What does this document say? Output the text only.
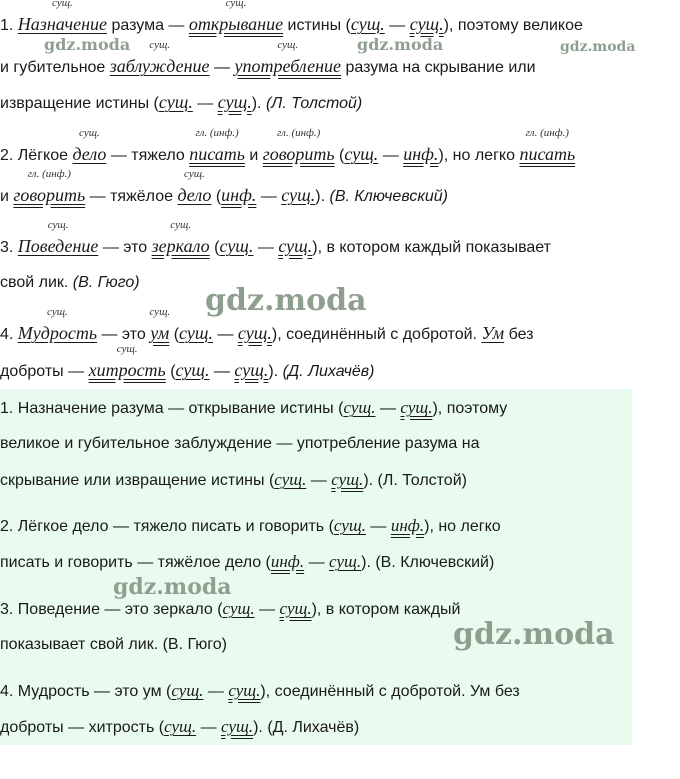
1.
сущ.
Назначение разума —
сущ.
открывание истины (сущ. — сущ.), поэтому великое
и губительное
сущ.
заблуждение —
сущ.
употребление разума на скрывание или
извращение истины (сущ. — сущ.). (Л. Толстой)
2. Лёгкое
сущ.
дело — тяжело
гл. (инф.)
писать и
гл. (инф.)
говорить (сущ. — инф.), но легко
гл. (инф.)
писать
и
гл. (инф.)
говорить — тяжёлое
сущ.
дело (инф. — сущ.). (В. Ключевский)
3.
сущ.
Поведение — это
сущ.
зеркало (сущ. — сущ.), в котором каждый показывает
свой лик. (В. Гюго)
4.
сущ.
Мудрость — это
сущ.
ум (сущ. — сущ.), соединённый с добротой. Ум без
доброты —
сущ.
хитрость (сущ. — сущ.). (Д. Лихачёв)
1. Назначение разума — открывание истины (сущ. — сущ.), поэтому
великое и губительное заблуждение — употребление разума на
скрывание или извращение истины (сущ. — сущ.). (Л. Толстой)
2. Лёгкое дело — тяжело писать и говорить (сущ. — инф.), но легко
писать и говорить — тяжёлое дело (инф. — сущ.). (В. Ключевский)
3. Поведение — это зеркало (сущ. — сущ.), в котором каждый
показывает свой лик. (В. Гюго)
4. Мудрость — это ум (сущ. — сущ.), соединённый с добротой. Ум без
доброты — хитрость (сущ. — сущ.). (Д. Лихачёв)
gdz.moda	gdz.moda	gdz.moda
gdz.moda
gdz.moda
gdz.moda
